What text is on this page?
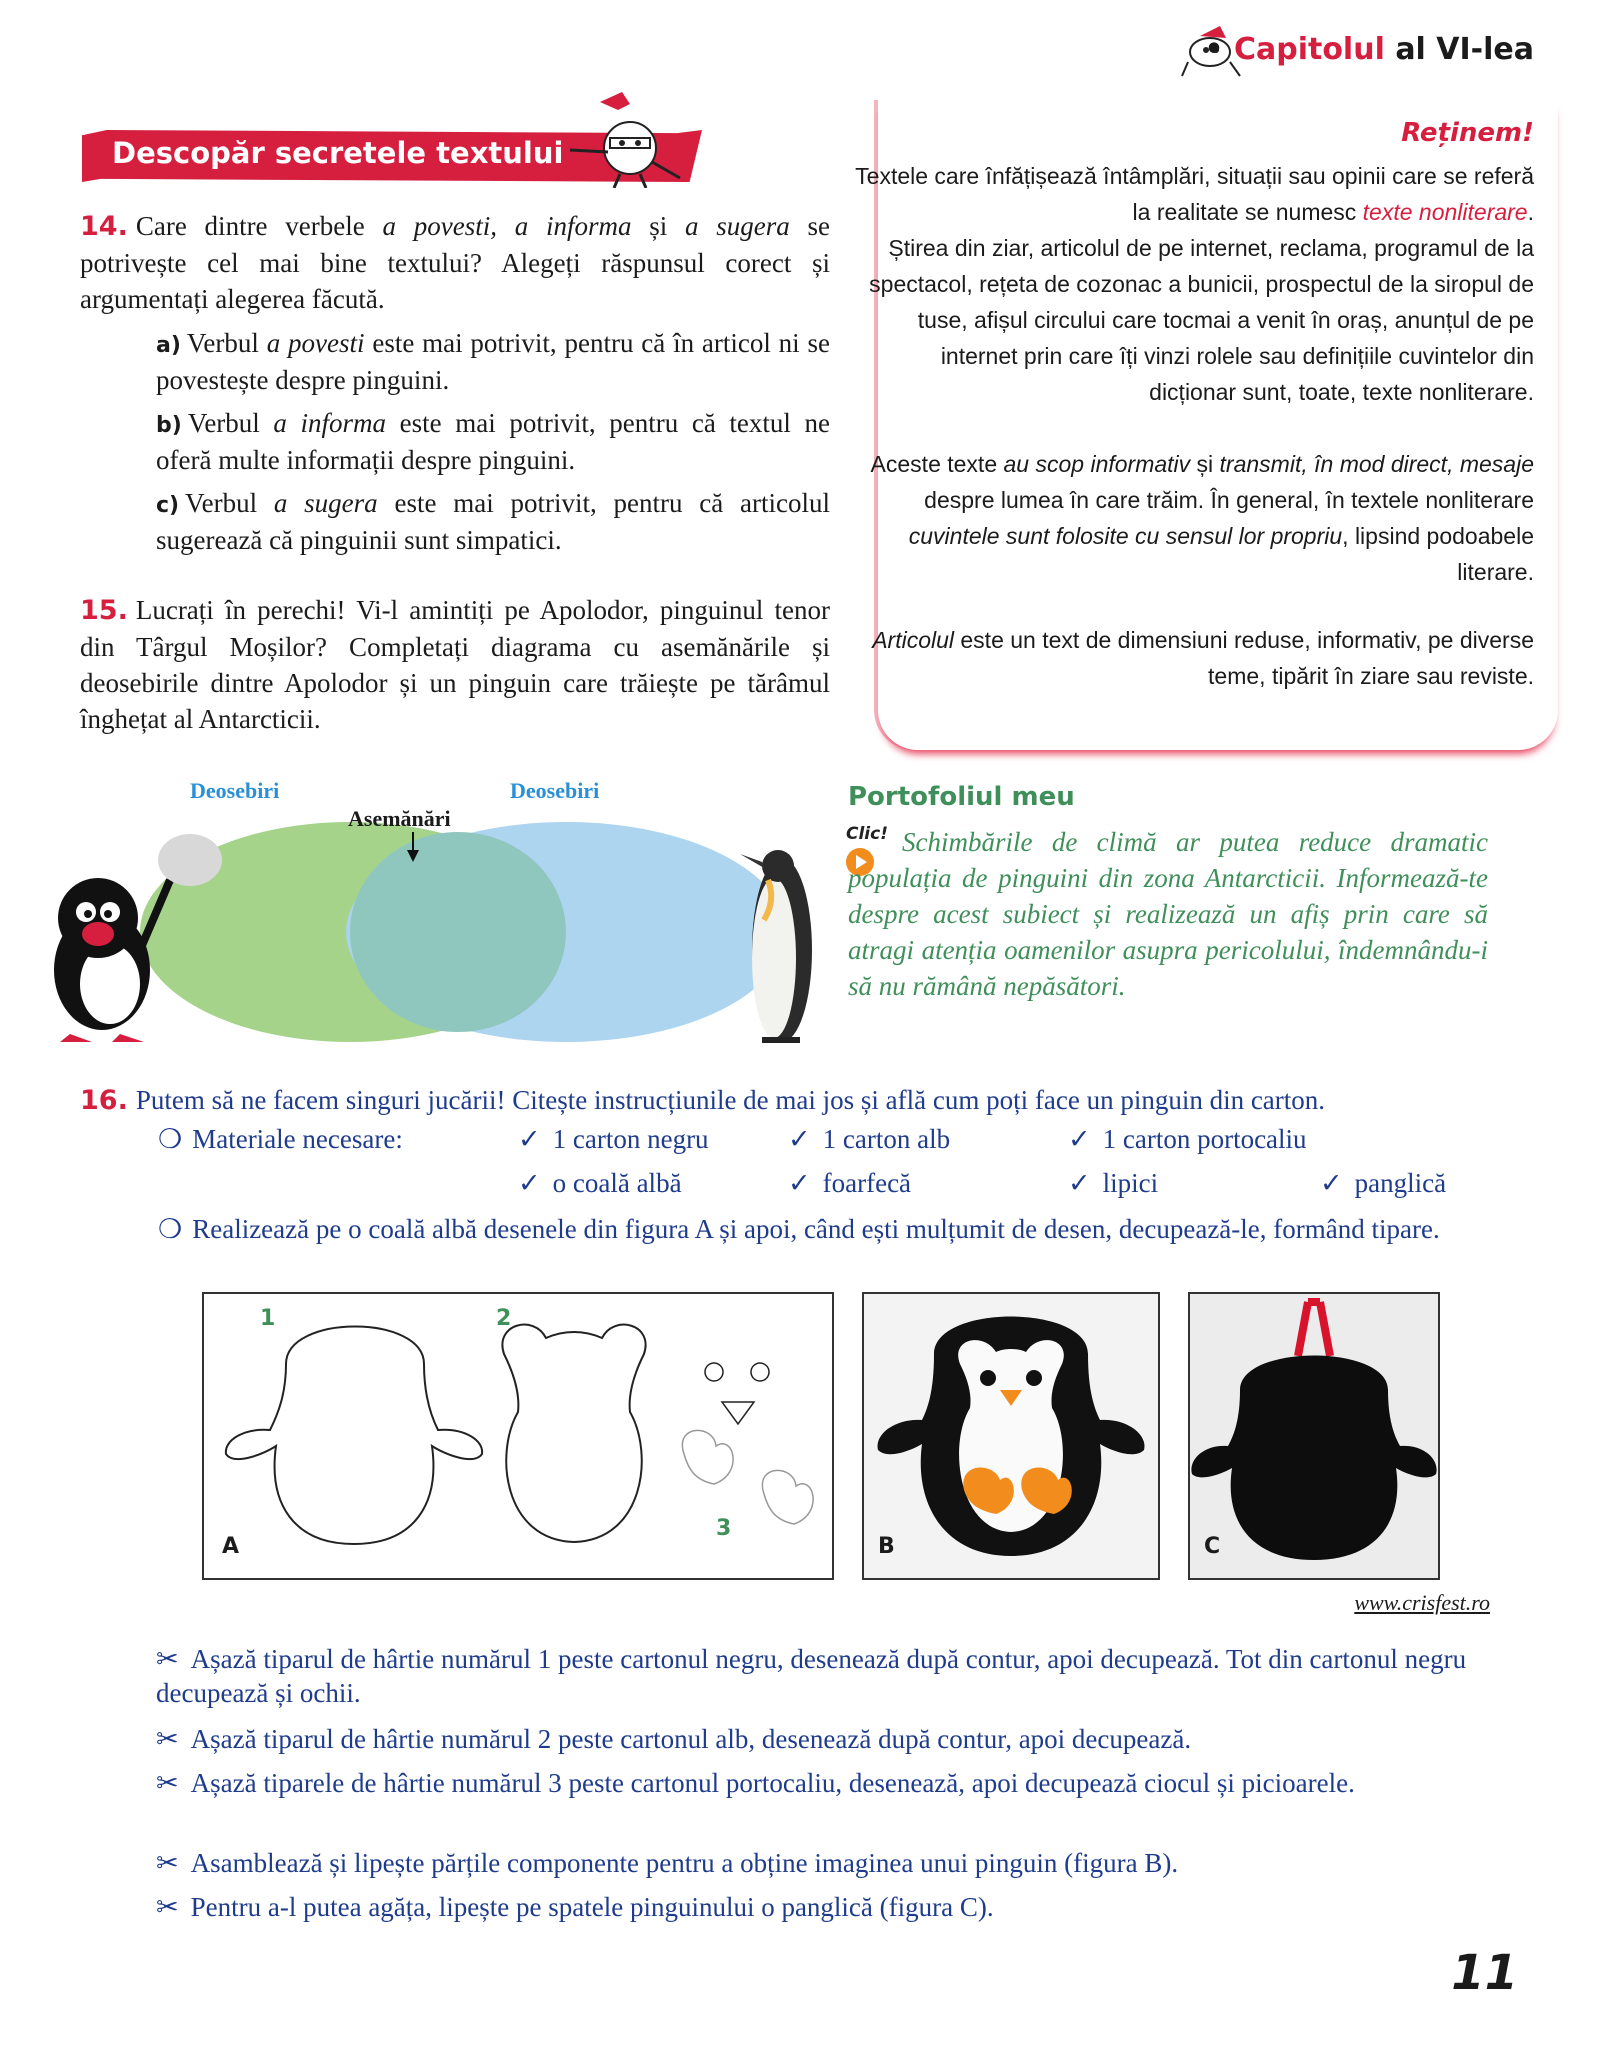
• Capitolul al VI-lea
Descopăr secretele textului
14. Care dintre verbele a povesti, a informa și a sugera se potrivește cel mai bine textului? Alegeți răspunsul corect și argumentați alegerea făcută.
a) Verbul a povesti este mai potrivit, pentru că în articol ni se povestește despre pinguini.
b) Verbul a informa este mai potrivit, pentru că textul ne oferă multe informații despre pinguini.
c) Verbul a sugera este mai potrivit, pentru că articolul sugerează că pinguinii sunt simpatici.
15. Lucrați în perechi! Vi-l amintiți pe Apolodor, pinguinul tenor din Târgul Moșilor? Completați diagrama cu asemănările și deosebirile dintre Apolodor și un pinguin care trăiește pe tărâmul înghețat al Antarcticii.
Reținem!
Textele care înfățișează întâmplări, situații sau opinii care se referă la realitate se numesc texte nonliterare.
Știrea din ziar, articolul de pe internet, reclama, programul de la spectacol, rețeta de cozonac a bunicii, prospectul de la siropul de tuse, afișul circului care tocmai a venit în oraș, anunțul de pe internet prin care îți vinzi rolele sau definițiile cuvintelor din dicționar sunt, toate, texte nonliterare.
Aceste texte au scop informativ și transmit, în mod direct, mesaje despre lumea în care trăim. În general, în textele nonliterare cuvintele sunt folosite cu sensul lor propriu, lipsind podoabele literare.
Articolul este un text de dimensiuni reduse, informativ, pe diverse teme, tipărit în ziare sau reviste.
Deosebiri
Asemănări
Deosebiri	Portofoliul meu
Clic! Schimbările de climă ar putea reduce dramatic populația de pinguini din zona Antarcticii. Informează-te despre acest subiect și realizează un afiș prin care să atragi atenția oamenilor asupra pericolului, îndemnându-i să nu rămână nepăsători.
16. Putem să ne facem singuri jucării! Citește instrucțiunile de mai jos și află cum poți face un pinguin din carton.
❍ Materiale necesare:	✓ 1 carton negru	✓ 1 carton alb	✓ 1 carton portocaliu
✓ o coală albă	✓ foarfecă	✓ lipici	✓ panglică
❍ Realizează pe o coală albă desenele din figura A și apoi, când ești mulțumit de desen, decupează-le, formând tipare.
1	2
3
A	B	C
www.crisfest.ro
✂ Așază tiparul de hârtie numărul 1 peste cartonul negru, desenează după contur, apoi decupează. Tot din cartonul negru decupează și ochii.
✂ Așază tiparul de hârtie numărul 2 peste cartonul alb, desenează după contur, apoi decupează.
✂ Așază tiparele de hârtie numărul 3 peste cartonul portocaliu, desenează, apoi decupează ciocul și picioarele.
✂ Asamblează și lipește părțile componente pentru a obține imaginea unui pinguin (figura B).
✂ Pentru a-l putea agăța, lipește pe spatele pinguinului o panglică (figura C).
11
